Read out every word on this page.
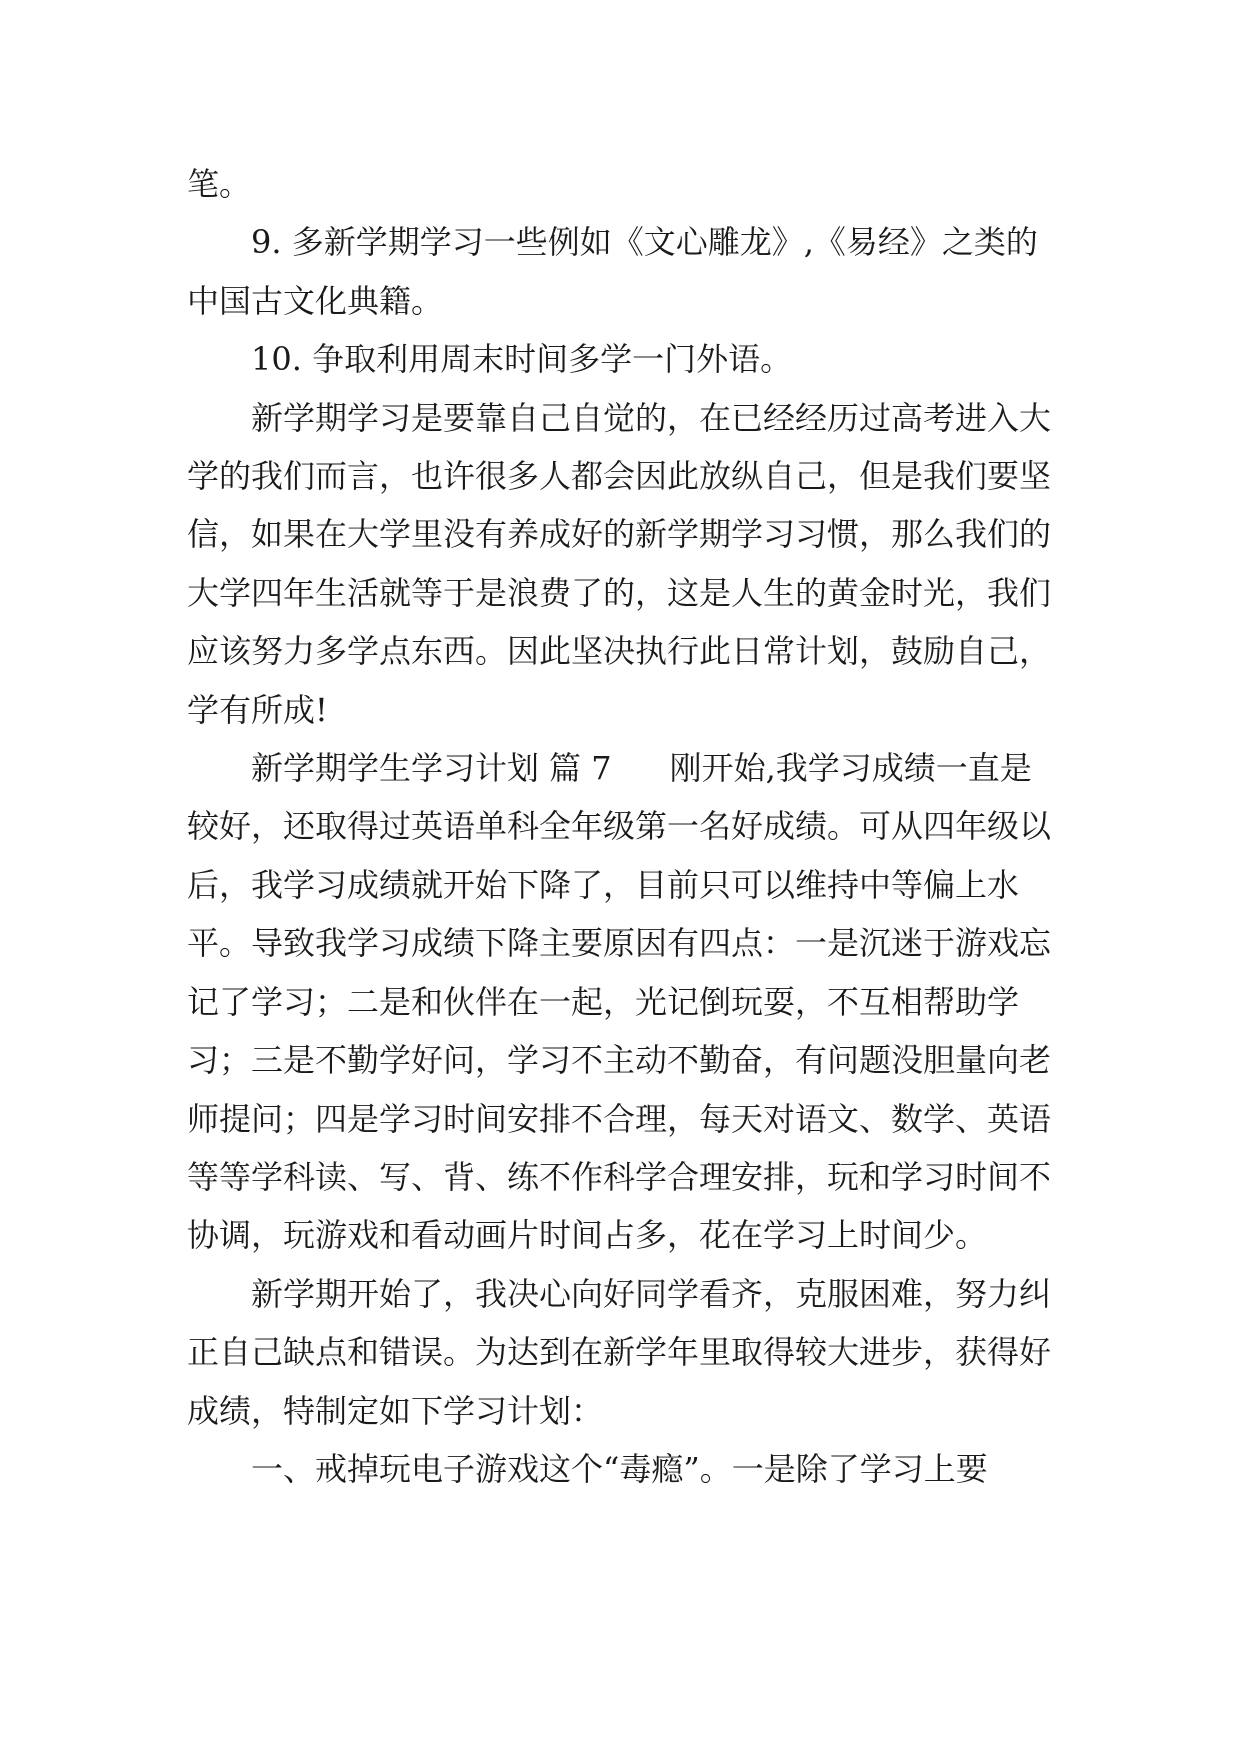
笔。

9. 多新学期学习一些例如《文心雕龙》,《易经》之类的中国古文化典籍。

10. 争取利用周末时间多学一门外语。

新学期学习是要靠自己自觉的，在已经经历过高考进入大学的我们而言，也许很多人都会因此放纵自己，但是我们要坚信，如果在大学里没有养成好的新学期学习习惯，那么我们的大学四年生活就等于是浪费了的，这是人生的黄金时光，我们应该努力多学点东西。因此坚决执行此日常计划，鼓励自己，学有所成!

新学期学生学习计划 篇 7 刚开始,我学习成绩一直是较好，还取得过英语单科全年级第一名好成绩。可从四年级以后，我学习成绩就开始下降了，目前只可以维持中等偏上水平。导致我学习成绩下降主要原因有四点：一是沉迷于游戏忘记了学习；二是和伙伴在一起，光记倒玩耍，不互相帮助学习；三是不勤学好问，学习不主动不勤奋，有问题没胆量向老师提问；四是学习时间安排不合理，每天对语文、数学、英语等等学科读、写、背、练不作科学合理安排，玩和学习时间不协调，玩游戏和看动画片时间占多，花在学习上时间少。

新学期开始了，我决心向好同学看齐，克服困难，努力纠正自己缺点和错误。为达到在新学年里取得较大进步，获得好成绩，特制定如下学习计划：

一、戒掉玩电子游戏这个“毒瘾”。一是除了学习上要
